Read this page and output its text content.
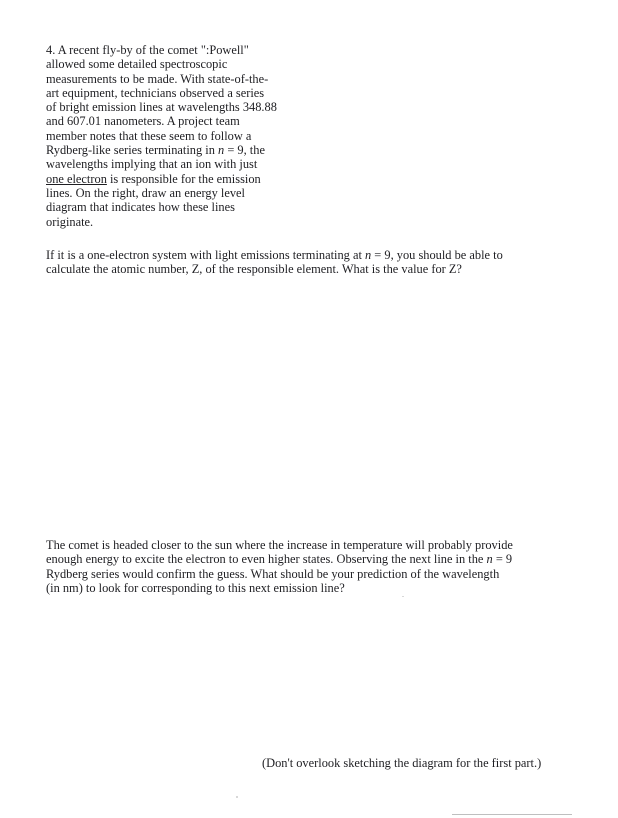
4. A recent fly-by of the comet ":Powell"
allowed some detailed spectroscopic
measurements to be made. With state-of-the-
art equipment, technicians observed a series
of bright emission lines at wavelengths 348.88
and 607.01 nanometers. A project team
member notes that these seem to follow a
Rydberg-like series terminating in n = 9, the
wavelengths implying that an ion with just
one electron is responsible for the emission
lines. On the right, draw an energy level
diagram that indicates how these lines
originate.

If it is a one-electron system with light emissions terminating at n = 9, you should be able to
calculate the atomic number, Z, of the responsible element. What is the value for Z?

The comet is headed closer to the sun where the increase in temperature will probably provide
enough energy to excite the electron to even higher states. Observing the next line in the n = 9
Rydberg series would confirm the guess. What should be your prediction of the wavelength
(in nm) to look for corresponding to this next emission line?

(Don't overlook sketching the diagram for the first part.)
